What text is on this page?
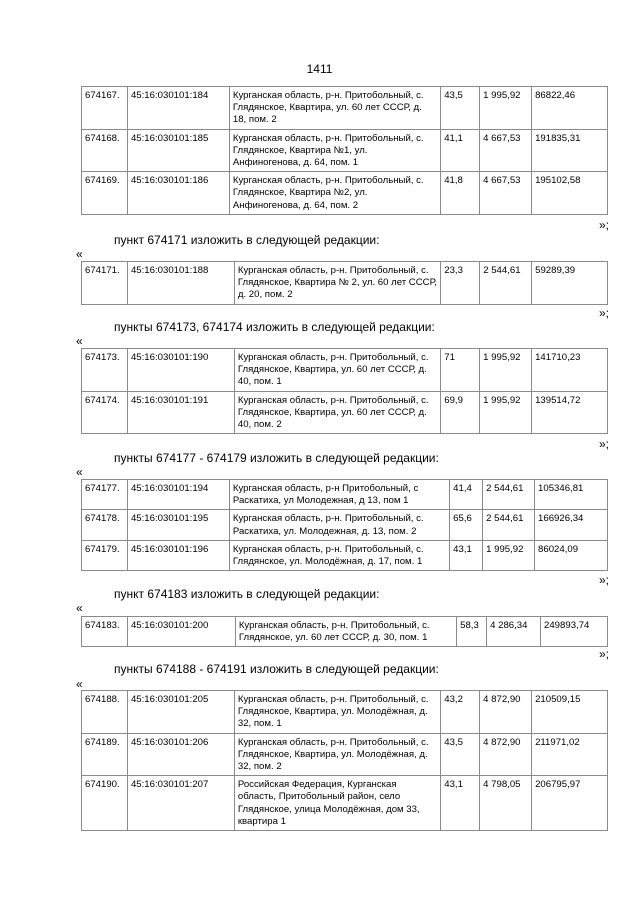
1411
674167.	45:16:030101:184	Курганская область, р-н. Притобольный, с. Глядянское, Квартира, ул. 60 лет СССР, д. 18, пом. 2	43,5	1 995,92	86822,46
674168.	45:16:030101:185	Курганская область, р-н. Притобольный, с. Глядянское, Квартира №1, ул. Анфиногенова, д. 64, пом. 1	41,1	4 667,53	191835,31
674169.	45:16:030101:186	Курганская область, р-н. Притобольный, с. Глядянское, Квартира №2, ул. Анфиногенова, д. 64, пом. 2	41,8	4 667,53	195102,58
»;
пункт 674171 изложить в следующей редакции:
«
674171.	45:16:030101:188	Курганская область, р-н. Притобольный, с. Глядянское, Квартира № 2, ул. 60 лет СССР, д. 20, пом. 2	23,3	2 544,61	59289,39
»;
пункты 674173, 674174 изложить в следующей редакции:
«
674173.	45:16:030101:190	Курганская область, р-н. Притобольный, с. Глядянское, Квартира, ул. 60 лет СССР, д. 40, пом. 1	71	1 995,92	141710,23
674174.	45:16:030101:191	Курганская область, р-н. Притобольный, с. Глядянское, Квартира, ул. 60 лет СССР, д. 40, пом. 2	69,9	1 995,92	139514,72
»;
пункты 674177 - 674179 изложить в следующей редакции:
«
674177.	45:16:030101:194	Курганская область, р-н Притобольный, с Раскатиха, ул Молодежная, д 13, пом 1	41,4	2 544,61	105346,81
674178.	45:16:030101:195	Курганская область, р-н. Притобольный, с. Раскатиха, ул. Молодежная, д. 13, пом. 2	65,6	2 544,61	166926,34
674179.	45:16:030101:196	Курганская область, р-н. Притобольный, с. Глядянское, ул. Молодёжная, д. 17, пом. 1	43,1	1 995,92	86024,09
»;
пункт 674183 изложить в следующей редакции:
«
674183.	45:16:030101:200	Курганская область, р-н. Притобольный, с. Глядянское, ул. 60 лет СССР, д. 30, пом. 1	58,3	4 286,34	249893,74
»;
пункты 674188 - 674191 изложить в следующей редакции:
«
674188.	45:16:030101:205	Курганская область, р-н. Притобольный, с. Глядянское, Квартира, ул. Молодёжная, д. 32, пом. 1	43,2	4 872,90	210509,15
674189.	45:16:030101:206	Курганская область, р-н. Притобольный, с. Глядянское, Квартира, ул. Молодёжная, д. 32, пом. 2	43,5	4 872,90	211971,02
674190.	45:16:030101:207	Российская Федерация, Курганская область, Притобольный район, село Глядянское, улица Молодёжная, дом 33, квартира 1	43,1	4 798,05	206795,97
